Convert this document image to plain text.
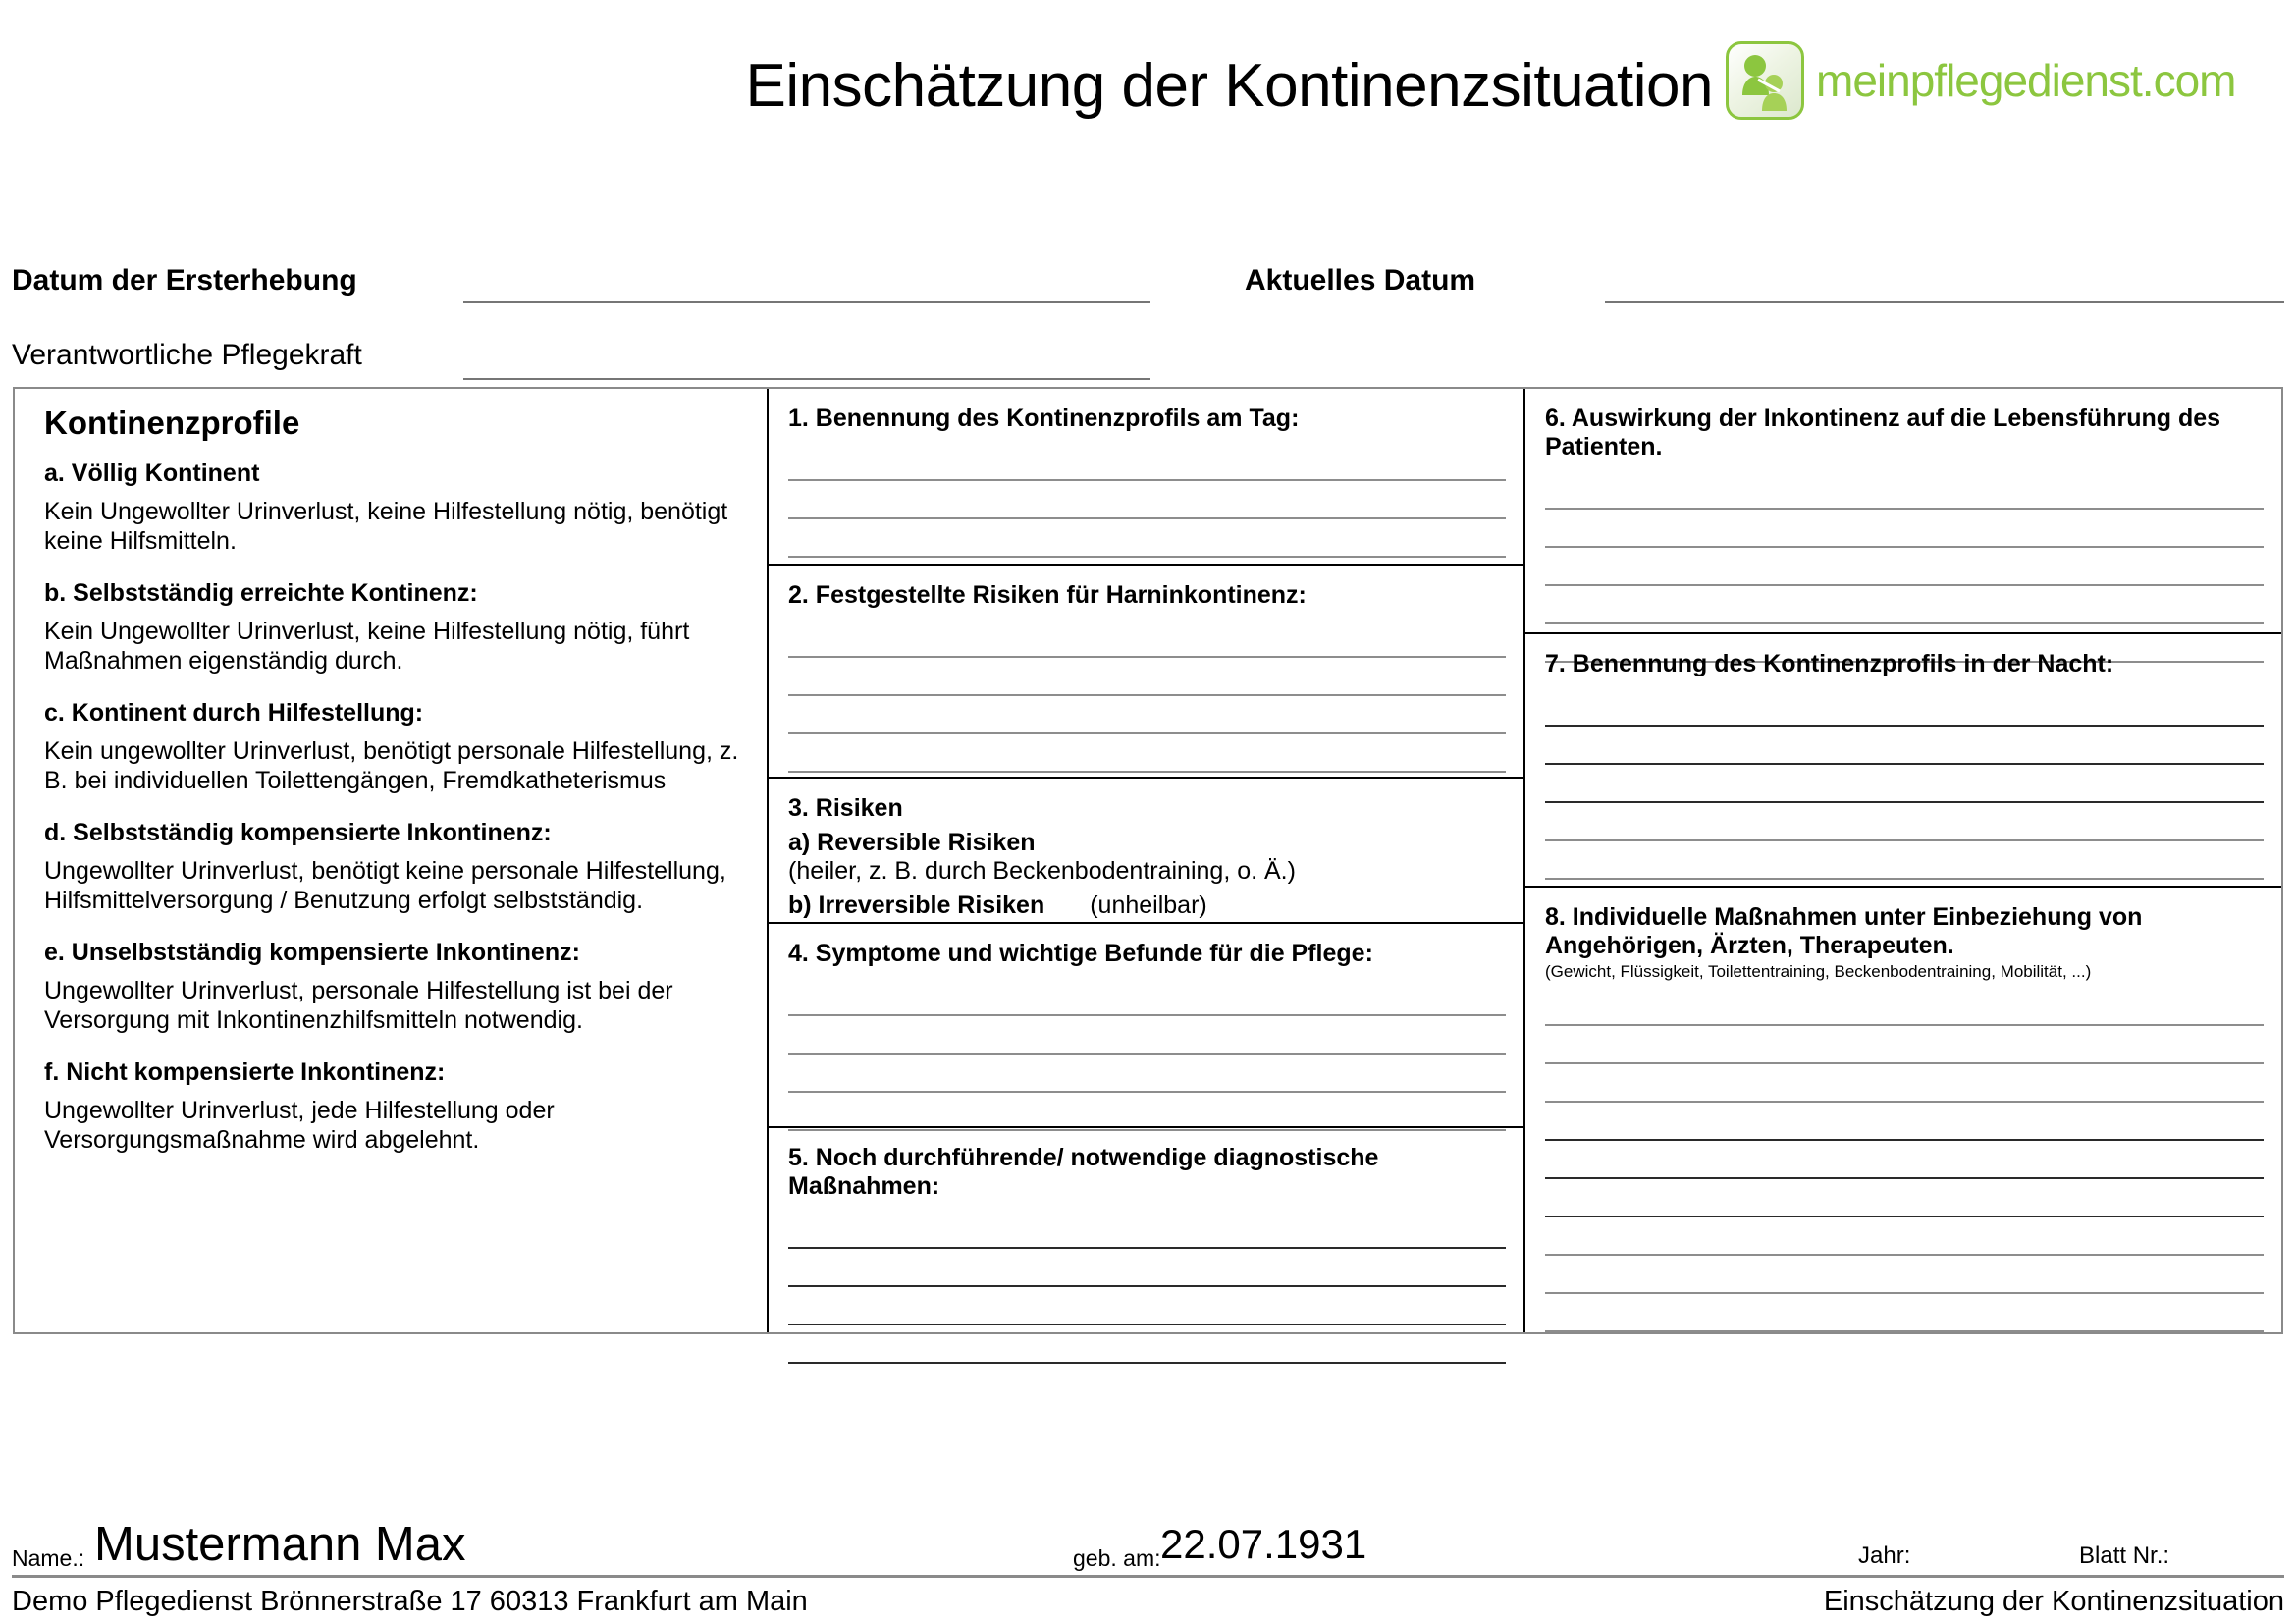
Einschätzung der Kontinenzsituation meinpflegedienst.com
Datum der Ersterhebung	Aktuelles Datum
Verantwortliche Pflegekraft
Kontinenzprofile
a. Völlig Kontinent
Kein Ungewollter Urinverlust, keine Hilfestellung nötig, benötigt keine Hilfsmitteln.
b. Selbstständig erreichte Kontinenz:
Kein Ungewollter Urinverlust, keine Hilfestellung nötig, führt Maßnahmen eigenständig durch.
c. Kontinent durch Hilfestellung:
Kein ungewollter Urinverlust, benötigt personale Hilfestellung, z. B. bei individuellen Toilettengängen, Fremdkatheterismus
d. Selbstständig kompensierte Inkontinenz:
Ungewollter Urinverlust, benötigt keine personale Hilfestellung, Hilfsmittelversorgung / Benutzung erfolgt selbstständig.
e. Unselbstständig kompensierte Inkontinenz:
Ungewollter Urinverlust, personale Hilfestellung ist bei der Versorgung mit Inkontinenzhilfsmitteln notwendig.
f. Nicht kompensierte Inkontinenz:
Ungewollter Urinverlust, jede Hilfestellung oder Versorgungsmaßnahme wird abgelehnt.
1. Benennung des Kontinenzprofils am Tag:
2. Festgestellte Risiken für Harninkontinenz:
3. Risiken
a) Reversible Risiken
(heiler, z. B. durch Beckenbodentraining, o. Ä.)
b) Irreversible Risiken (unheilbar)
4. Symptome und wichtige Befunde für die Pflege:
5. Noch durchführende/ notwendige diagnostische Maßnahmen:
6. Auswirkung der Inkontinenz auf die Lebensführung des Patienten.
7. Benennung des Kontinenzprofils in der Nacht:
8. Individuelle Maßnahmen unter Einbeziehung von Angehörigen, Ärzten, Therapeuten.
(Gewicht, Flüssigkeit, Toilettentraining, Beckenbodentraining, Mobilität, ...)
Name.: Mustermann Max	geb. am: 22.07.1931	Jahr:	Blatt Nr.:
Demo Pflegedienst Brönnerstraße 17 60313 Frankfurt am Main	Einschätzung der Kontinenzsituation
